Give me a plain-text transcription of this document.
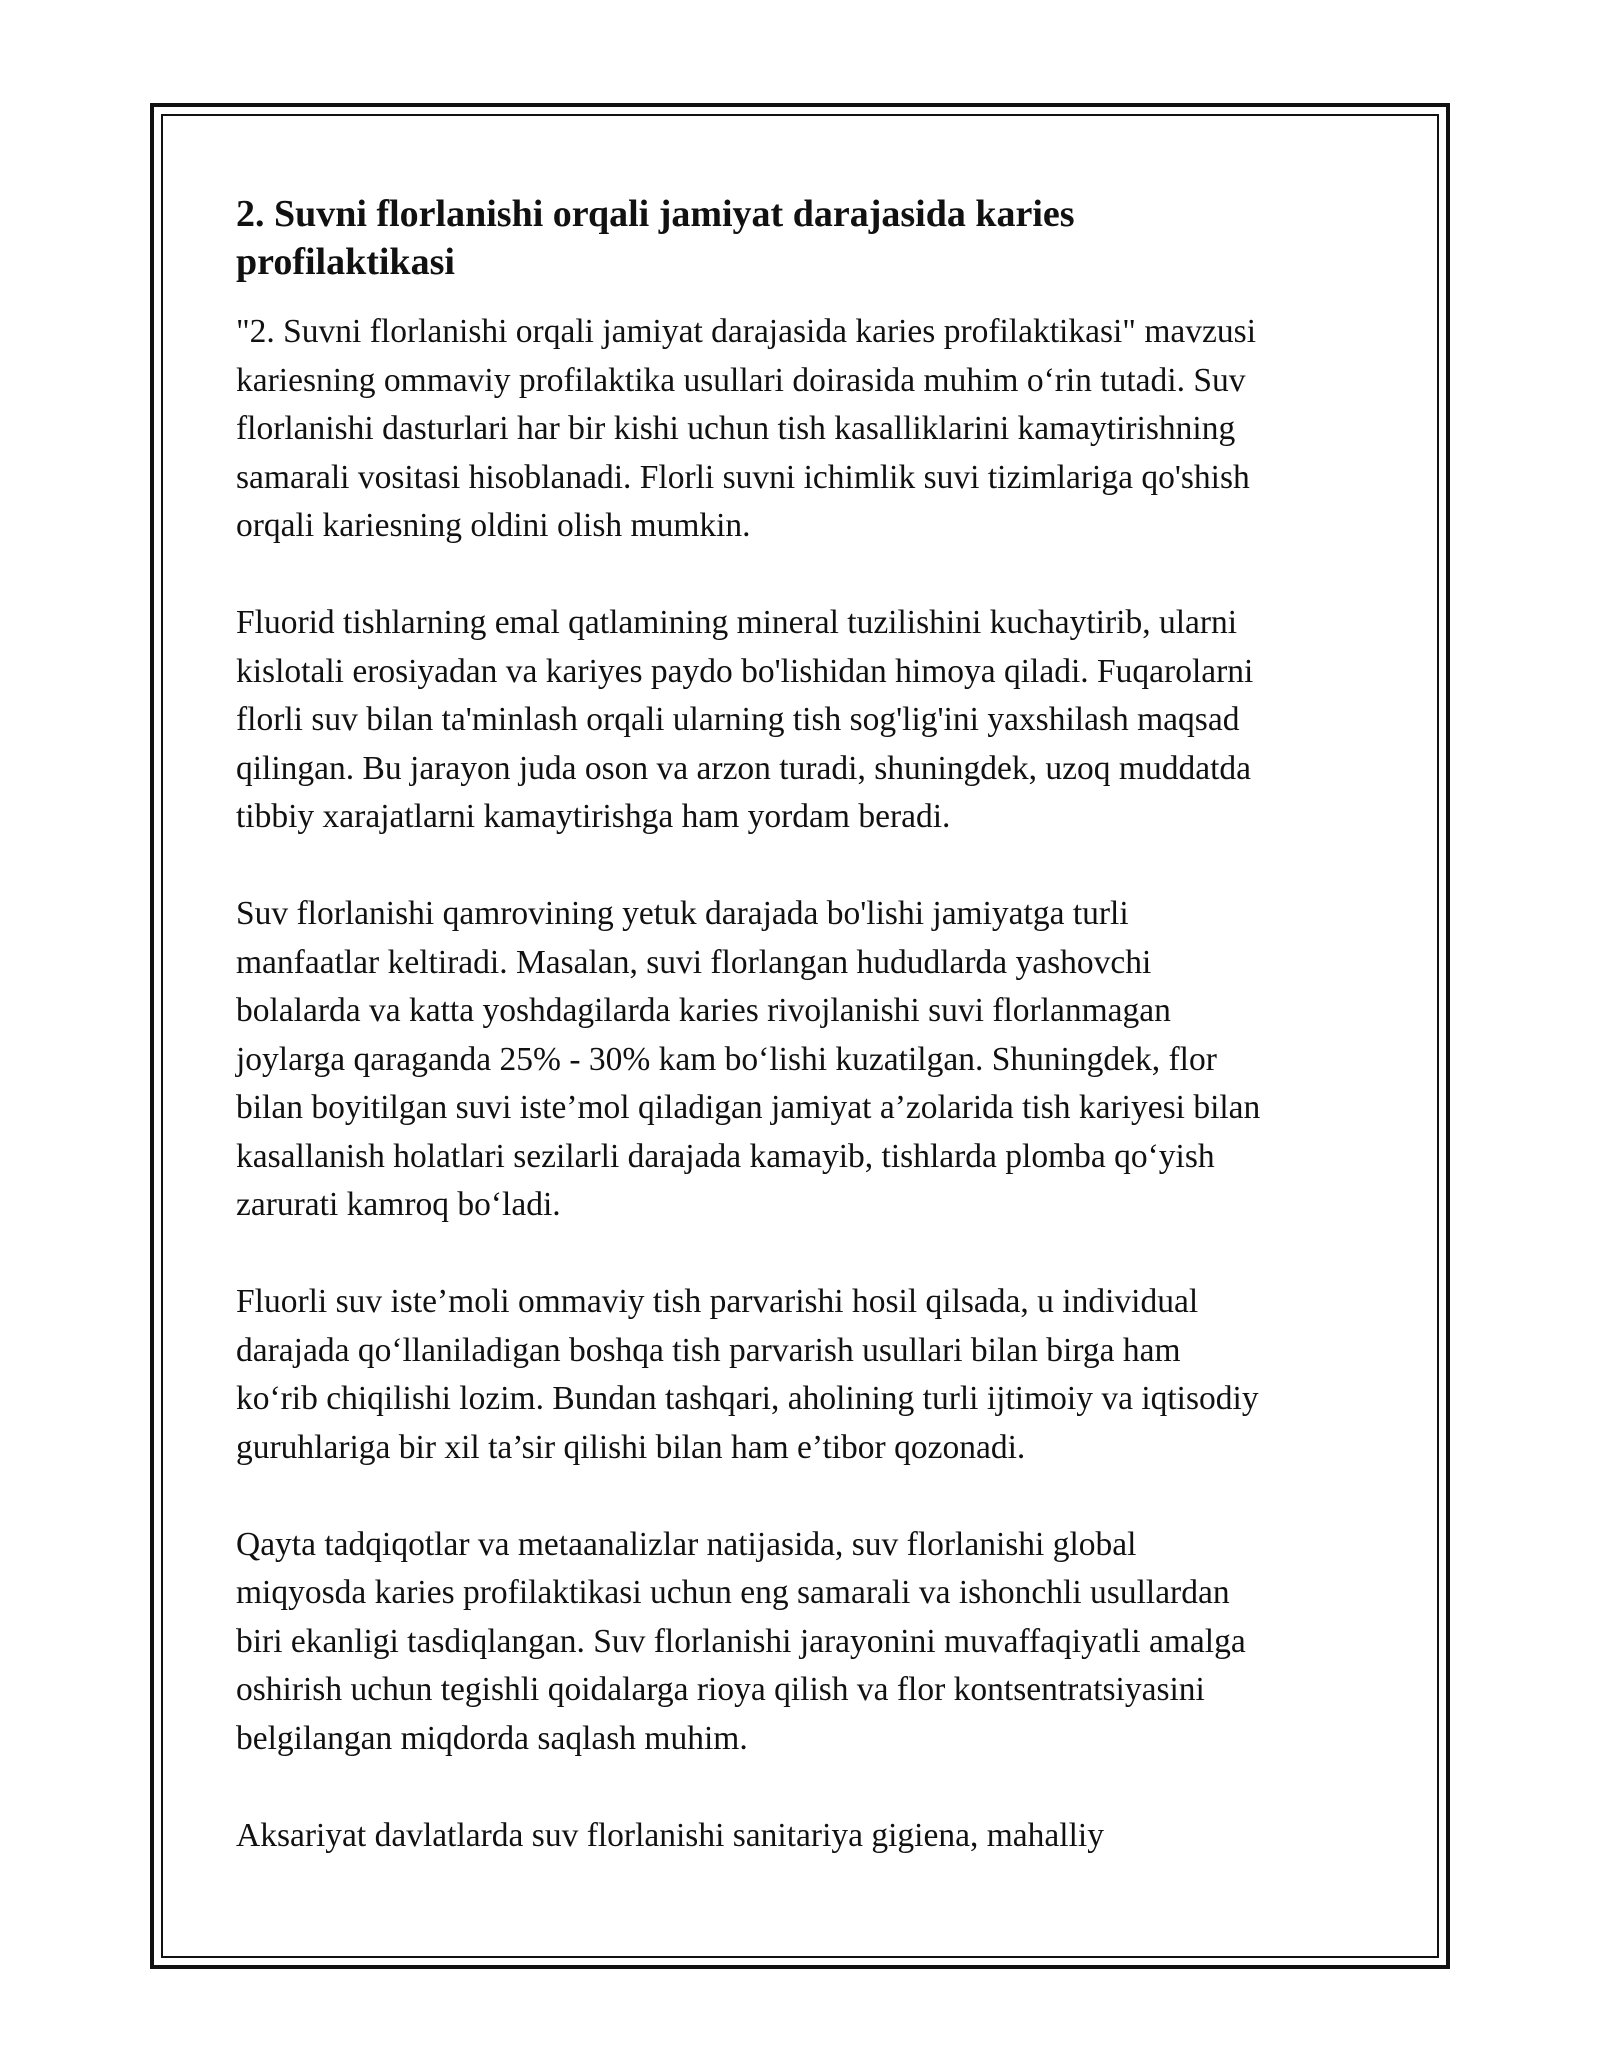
2. Suvni florlanishi orqali jamiyat darajasida karies
profilaktikasi

"2. Suvni florlanishi orqali jamiyat darajasida karies profilaktikasi" mavzusi
kariesning ommaviy profilaktika usullari doirasida muhim o‘rin tutadi. Suv
florlanishi dasturlari har bir kishi uchun tish kasalliklarini kamaytirishning
samarali vositasi hisoblanadi. Florli suvni ichimlik suvi tizimlariga qo'shish
orqali kariesning oldini olish mumkin.

Fluorid tishlarning emal qatlamining mineral tuzilishini kuchaytirib, ularni
kislotali erosiyadan va kariyes paydo bo'lishidan himoya qiladi. Fuqarolarni
florli suv bilan ta'minlash orqali ularning tish sog'lig'ini yaxshilash maqsad
qilingan. Bu jarayon juda oson va arzon turadi, shuningdek, uzoq muddatda
tibbiy xarajatlarni kamaytirishga ham yordam beradi.

Suv florlanishi qamrovining yetuk darajada bo'lishi jamiyatga turli
manfaatlar keltiradi. Masalan, suvi florlangan hududlarda yashovchi
bolalarda va katta yoshdagilarda karies rivojlanishi suvi florlanmagan
joylarga qaraganda 25% - 30% kam bo‘lishi kuzatilgan. Shuningdek, flor
bilan boyitilgan suvi iste’mol qiladigan jamiyat a’zolarida tish kariyesi bilan
kasallanish holatlari sezilarli darajada kamayib, tishlarda plomba qo‘yish
zarurati kamroq bo‘ladi.

Fluorli suv iste’moli ommaviy tish parvarishi hosil qilsada, u individual
darajada qo‘llaniladigan boshqa tish parvarish usullari bilan birga ham
ko‘rib chiqilishi lozim. Bundan tashqari, aholining turli ijtimoiy va iqtisodiy
guruhlariga bir xil ta’sir qilishi bilan ham e’tibor qozonadi.

Qayta tadqiqotlar va metaanalizlar natijasida, suv florlanishi global
miqyosda karies profilaktikasi uchun eng samarali va ishonchli usullardan
biri ekanligi tasdiqlangan. Suv florlanishi jarayonini muvaffaqiyatli amalga
oshirish uchun tegishli qoidalarga rioya qilish va flor kontsentratsiyasini
belgilangan miqdorda saqlash muhim.

Aksariyat davlatlarda suv florlanishi sanitariya gigiena, mahalliy
